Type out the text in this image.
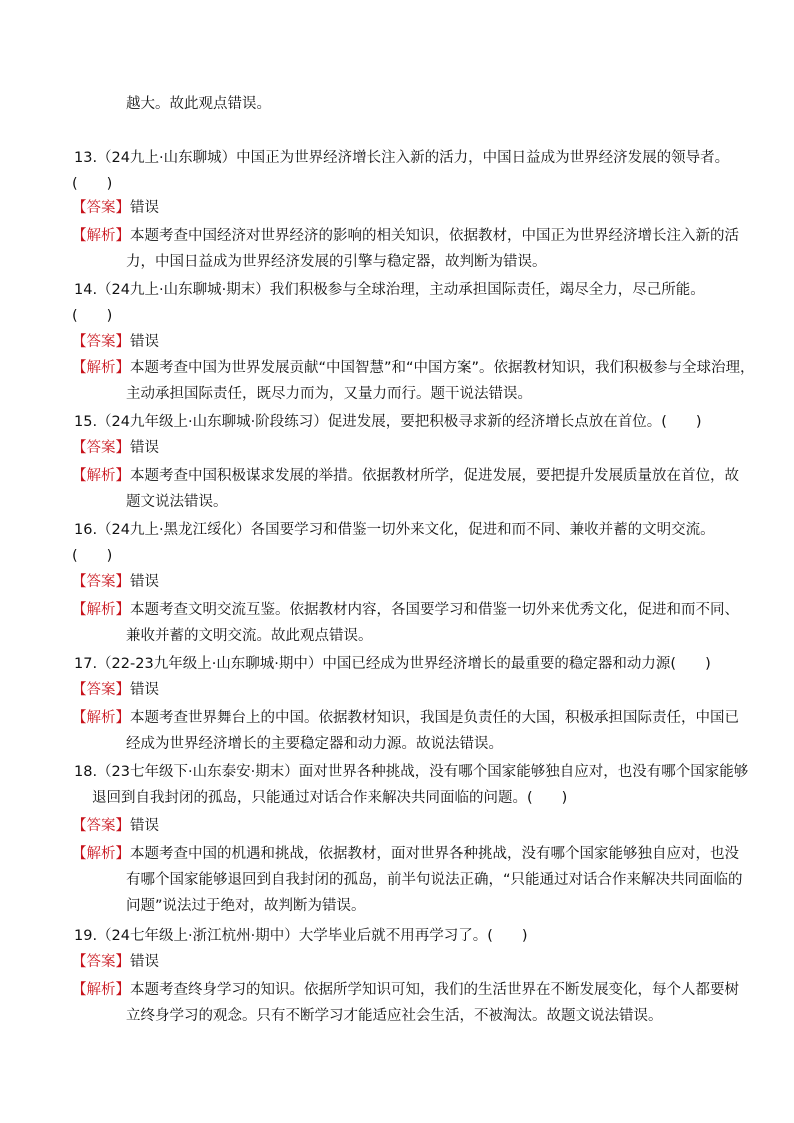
越大。故此观点错误。
13.（24九上·山东聊城）中国正为世界经济增长注入新的活力，中国日益成为世界经济发展的领导者。
(　　)
【答案】错误
【解析】本题考查中国经济对世界经济的影响的相关知识，依据教材，中国正为世界经济增长注入新的活
力，中国日益成为世界经济发展的引擎与稳定器，故判断为错误。
14.（24九上·山东聊城·期末）我们积极参与全球治理，主动承担国际责任，竭尽全力，尽己所能。
(　　)
【答案】错误
【解析】本题考查中国为世界发展贡献“中国智慧”和“中国方案”。依据教材知识，我们积极参与全球治理，
主动承担国际责任，既尽力而为，又量力而行。题干说法错误。
15.（24九年级上·山东聊城·阶段练习）促进发展，要把积极寻求新的经济增长点放在首位。(　　)
【答案】错误
【解析】本题考查中国积极谋求发展的举措。依据教材所学，促进发展，要把提升发展质量放在首位，故
题文说法错误。
16.（24九上·黑龙江绥化）各国要学习和借鉴一切外来文化，促进和而不同、兼收并蓄的文明交流。
(　　)
【答案】错误
【解析】本题考查文明交流互鉴。依据教材内容，各国要学习和借鉴一切外来优秀文化，促进和而不同、
兼收并蓄的文明交流。故此观点错误。
17.（22-23九年级上·山东聊城·期中）中国已经成为世界经济增长的最重要的稳定器和动力源(　　)
【答案】错误
【解析】本题考查世界舞台上的中国。依据教材知识，我国是负责任的大国，积极承担国际责任，中国已
经成为世界经济增长的主要稳定器和动力源。故说法错误。
18.（23七年级下·山东泰安·期末）面对世界各种挑战，没有哪个国家能够独自应对，也没有哪个国家能够
退回到自我封闭的孤岛，只能通过对话合作来解决共同面临的问题。(　　)
【答案】错误
【解析】本题考查中国的机遇和挑战，依据教材，面对世界各种挑战，没有哪个国家能够独自应对，也没
有哪个国家能够退回到自我封闭的孤岛，前半句说法正确，“只能通过对话合作来解决共同面临的
问题”说法过于绝对，故判断为错误。
19.（24七年级上·浙江杭州·期中）大学毕业后就不用再学习了。(　　)
【答案】错误
【解析】本题考查终身学习的知识。依据所学知识可知，我们的生活世界在不断发展变化，每个人都要树
立终身学习的观念。只有不断学习才能适应社会生活，不被淘汰。故题文说法错误。
